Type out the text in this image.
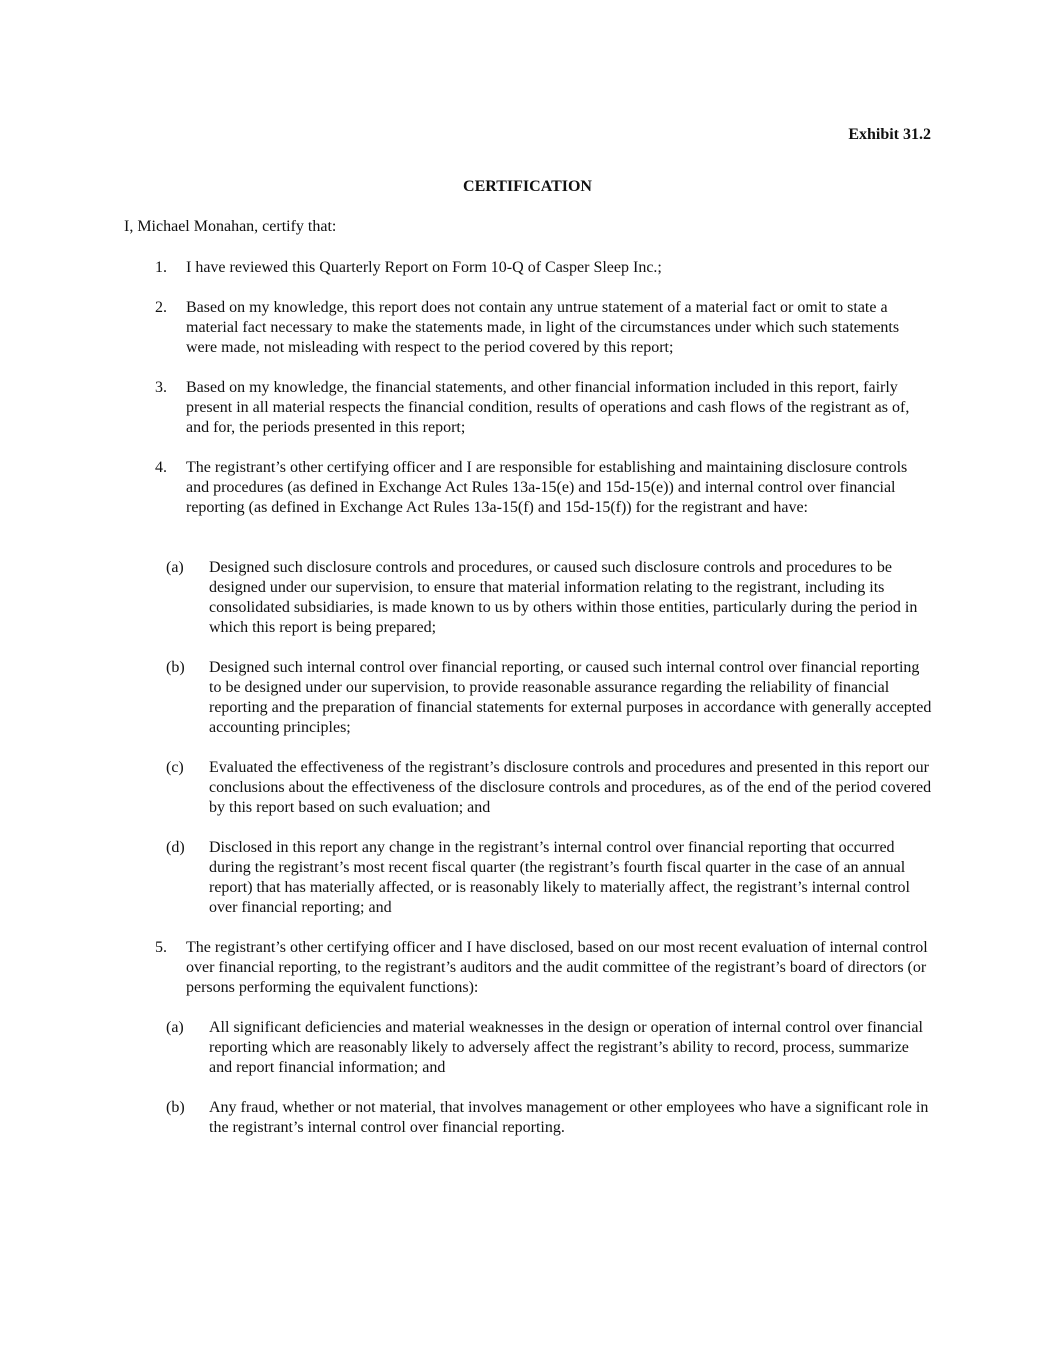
Exhibit 31.2
CERTIFICATION
I, Michael Monahan, certify that:
1. I have reviewed this Quarterly Report on Form 10-Q of Casper Sleep Inc.;
2. Based on my knowledge, this report does not contain any untrue statement of a material fact or omit to state a material fact necessary to make the statements made, in light of the circumstances under which such statements were made, not misleading with respect to the period covered by this report;
3. Based on my knowledge, the financial statements, and other financial information included in this report, fairly present in all material respects the financial condition, results of operations and cash flows of the registrant as of, and for, the periods presented in this report;
4. The registrant’s other certifying officer and I are responsible for establishing and maintaining disclosure controls and procedures (as defined in Exchange Act Rules 13a-15(e) and 15d-15(e)) and internal control over financial reporting (as defined in Exchange Act Rules 13a-15(f) and 15d-15(f)) for the registrant and have:
(a) Designed such disclosure controls and procedures, or caused such disclosure controls and procedures to be designed under our supervision, to ensure that material information relating to the registrant, including its consolidated subsidiaries, is made known to us by others within those entities, particularly during the period in which this report is being prepared;
(b) Designed such internal control over financial reporting, or caused such internal control over financial reporting to be designed under our supervision, to provide reasonable assurance regarding the reliability of financial reporting and the preparation of financial statements for external purposes in accordance with generally accepted accounting principles;
(c) Evaluated the effectiveness of the registrant’s disclosure controls and procedures and presented in this report our conclusions about the effectiveness of the disclosure controls and procedures, as of the end of the period covered by this report based on such evaluation; and
(d) Disclosed in this report any change in the registrant’s internal control over financial reporting that occurred during the registrant’s most recent fiscal quarter (the registrant’s fourth fiscal quarter in the case of an annual report) that has materially affected, or is reasonably likely to materially affect, the registrant’s internal control over financial reporting; and
5. The registrant’s other certifying officer and I have disclosed, based on our most recent evaluation of internal control over financial reporting, to the registrant’s auditors and the audit committee of the registrant’s board of directors (or persons performing the equivalent functions):
(a) All significant deficiencies and material weaknesses in the design or operation of internal control over financial reporting which are reasonably likely to adversely affect the registrant’s ability to record, process, summarize and report financial information; and
(b) Any fraud, whether or not material, that involves management or other employees who have a significant role in the registrant’s internal control over financial reporting.
